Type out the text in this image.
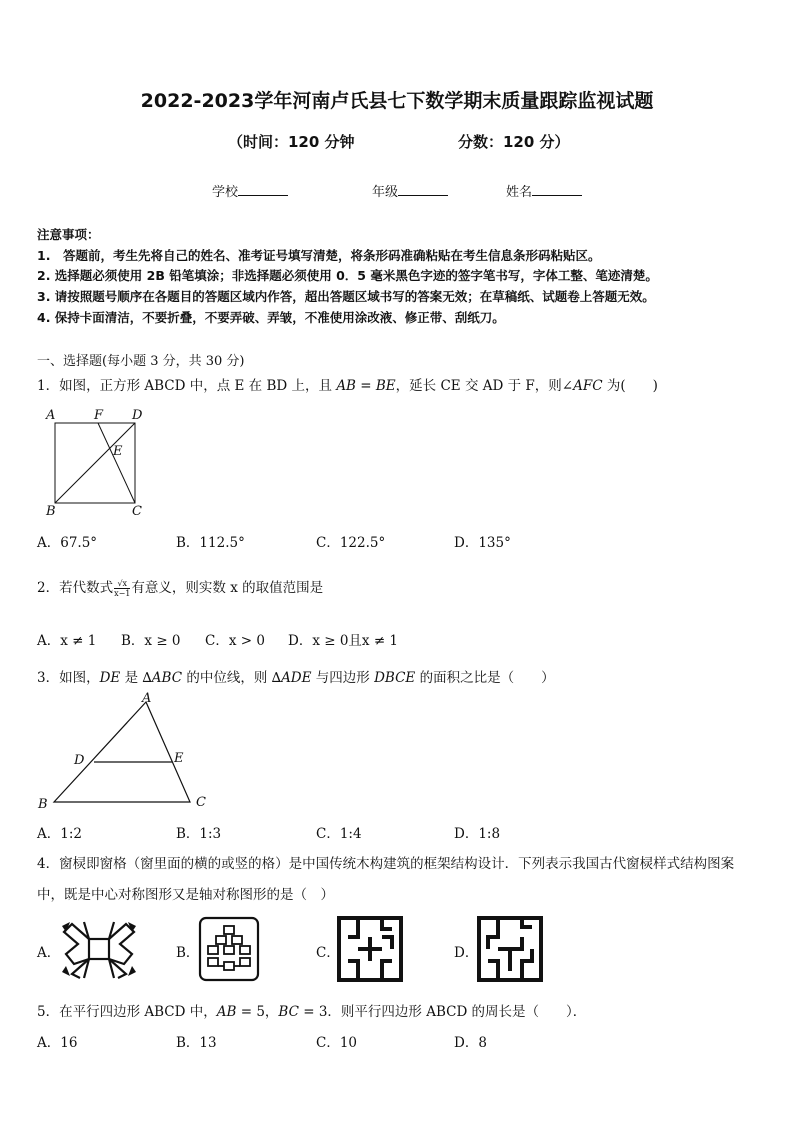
2022-2023学年河南卢氏县七下数学期末质量跟踪监视试题
（时间：120 分钟	分数：120 分）
学校	年级	姓名
注意事项：
1.　答题前，考生先将自己的姓名、准考证号填写清楚，将条形码准确粘贴在考生信息条形码粘贴区。
2. 选择题必须使用 2B 铅笔填涂；非选择题必须使用 0．5 毫米黑色字迹的签字笔书写，字体工整、笔迹清楚。
3. 请按照题号顺序在各题目的答题区域内作答，超出答题区域书写的答案无效；在草稿纸、试题卷上答题无效。
4. 保持卡面清洁，不要折叠，不要弄破、弄皱，不准使用涂改液、修正带、刮纸刀。
一、选择题(每小题 3 分，共 30 分)
1．如图，正方形 ABCD 中，点 E 在 BD 上，且 AB = BE，延长 CE 交 AD 于 F，则∠AFC 为(　　)
A	F D
E
B	C
A．67.5°	B．112.5°	C．122.5°	D．135°
2．若代数式 $\frac{√x}{x-1}$ 有意义，则实数 x 的取值范围是
A．x ≠ 1 B．x ≥ 0 C．x > 0 D．x ≥ 0且x ≠ 1
3．如图，DE 是 ∆ABC 的中位线，则 ∆ADE 与四边形 DBCE 的面积之比是（　　）
A
D	E
B	C
A．1:2	B．1:3	C．1:4	D．1:8
4．窗棂即窗格（窗里面的横的或竖的格）是中国传统木构建筑的框架结构设计．下列表示我国古代窗棂样式结构图案
中，既是中心对称图形又是轴对称图形的是（　）
A．	B．	C．	D．
5．在平行四边形 ABCD 中，AB = 5，BC = 3．则平行四边形 ABCD 的周长是（　　）．
A．16	B．13	C．10	D．8
